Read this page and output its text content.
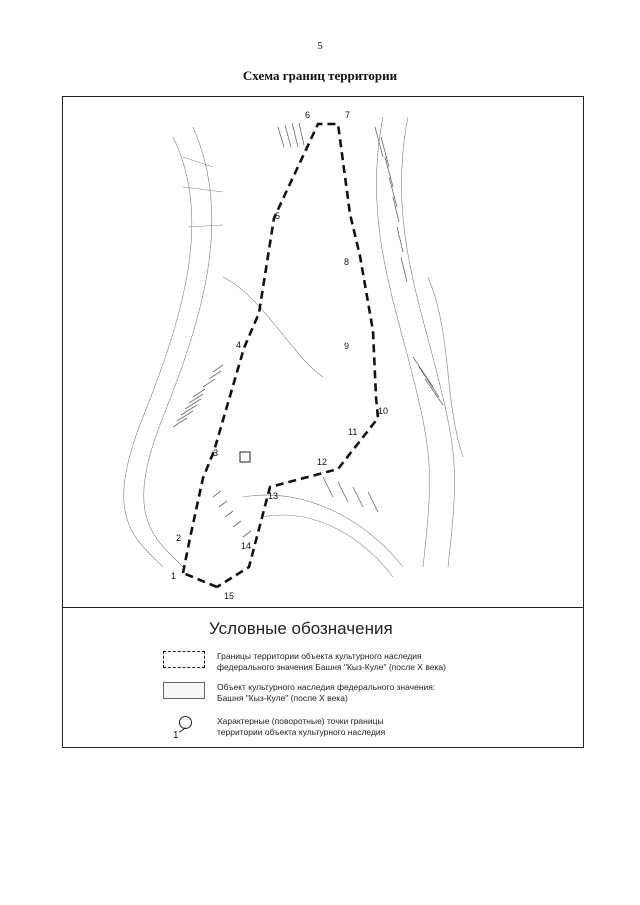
5
Схема границ территории
1
2
3
4
5
6	7
8
9
10
11
12
13
14
15
Условные обозначения
Границы территории объекта культурного наследия
федерального значения Башня "Кыз-Куле" (после X века)
Объект культурного наследия федерального значения:
Башня "Кыз-Куле" (после X века)
1
Характерные (поворотные) точки границы
территории объекта культурного наследия
